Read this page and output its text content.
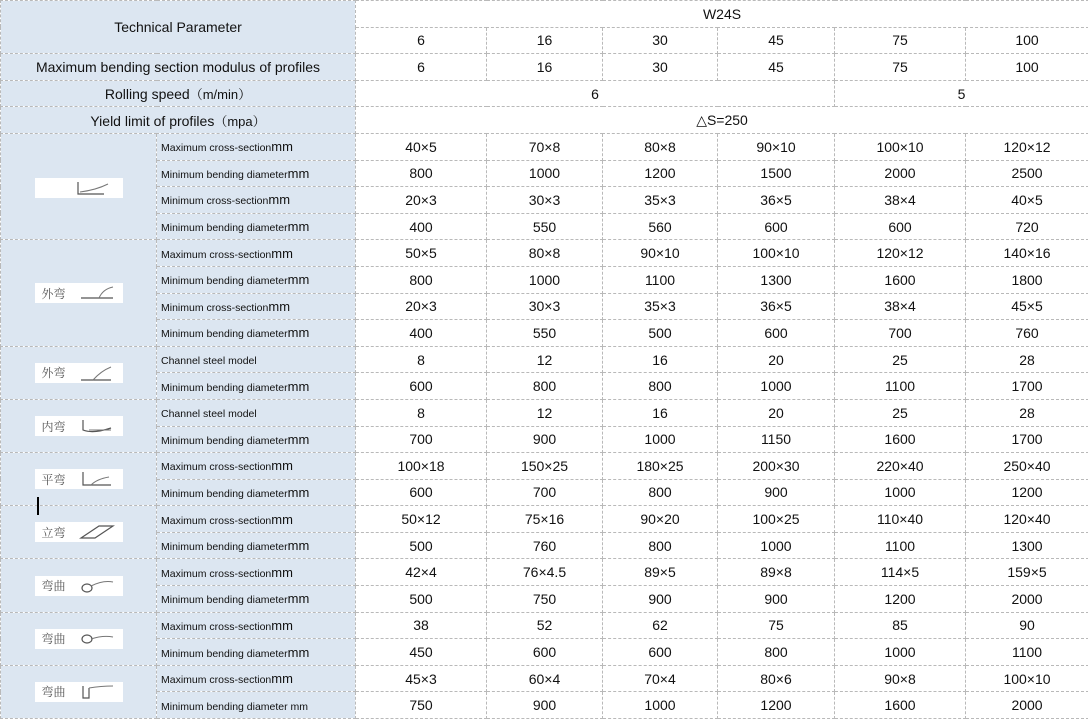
Technical Parameter		W24S					
		6	16	30	45	75	100
Maximum bending section modulus of profiles		6	16	30	45	75	100
Rolling speed（m/min）		6				5	
Yield limit of profiles（mpa）		△S=250					

	Maximum cross-sectionmm	40×5	70×8	80×8	90×10	100×10	120×12
	Minimum bending diametermm	800	1000	1200	1500	2000	2500
	Minimum cross-sectionmm	20×3	30×3	35×3	36×5	38×4	40×5
	Minimum bending diametermm	400	550	560	600	600	720

外弯	Maximum cross-sectionmm	50×5	80×8	90×10	100×10	120×12	140×16
	Minimum bending diametermm	800	1000	1100	1300	1600	1800
	Minimum cross-sectionmm	20×3	30×3	35×3	36×5	38×4	45×5
	Minimum bending diametermm	400	550	500	600	700	760

外弯	Channel steel model	8	12	16	20	25	28
	Minimum bending diametermm	600	800	800	1000	1100	1700

内弯	Channel steel model	8	12	16	20	25	28
	Minimum bending diametermm	700	900	1000	1150	1600	1700

平弯	Maximum cross-sectionmm	100×18	150×25	180×25	200×30	220×40	250×40
	Minimum bending diametermm	600	700	800	900	1000	1200

立弯	Maximum cross-sectionmm	50×12	75×16	90×20	100×25	110×40	120×40
	Minimum bending diametermm	500	760	800	1000	1100	1300

弯曲	Maximum cross-sectionmm	42×4	76×4.5	89×5	89×8	114×5	159×5
	Minimum bending diametermm	500	750	900	900	1200	2000

弯曲	Maximum cross-sectionmm	38	52	62	75	85	90
	Minimum bending diametermm	450	600	600	800	1000	1100

弯曲	Maximum cross-sectionmm	45×3	60×4	70×4	80×6	90×8	100×10
	Minimum bending diameter mm	750	900	1000	1200	1600	2000
